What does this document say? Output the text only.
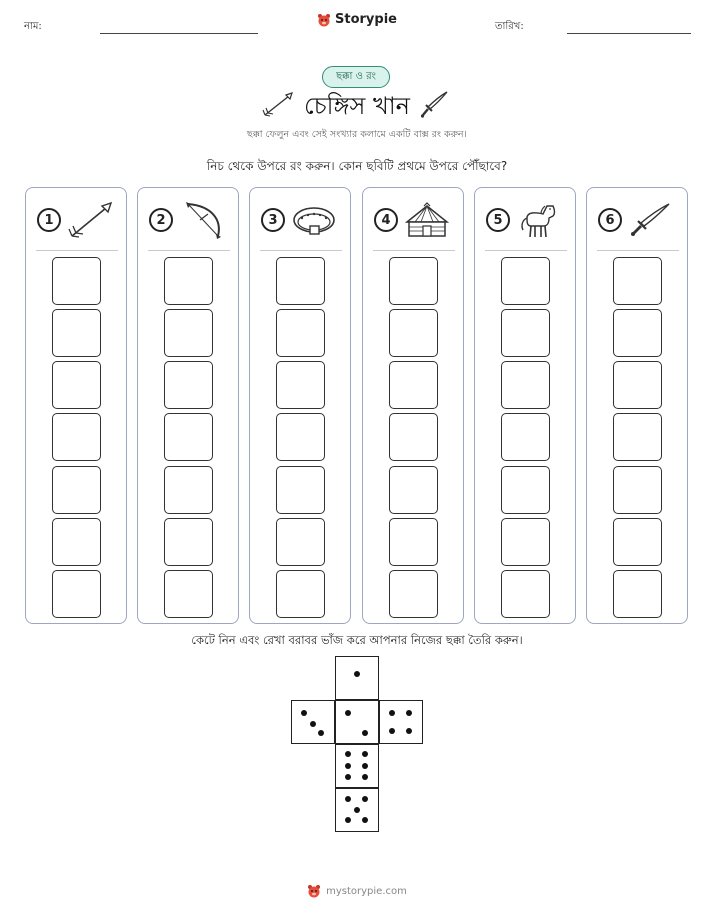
নাম:	Storypie	তারিখ:
ছক্কা ও রং
চেঙ্গিস খান
ছক্কা ফেলুন এবং সেই সংখ্যার কলামে একটি বাক্স রং করুন।
নিচ থেকে উপরে রং করুন। কোন ছবিটি প্রথমে উপরে পৌঁছাবে?
1	2	3	4	5	6
কেটে নিন এবং রেখা বরাবর ভাঁজ করে আপনার নিজের ছক্কা তৈরি করুন।
mystorypie.com
